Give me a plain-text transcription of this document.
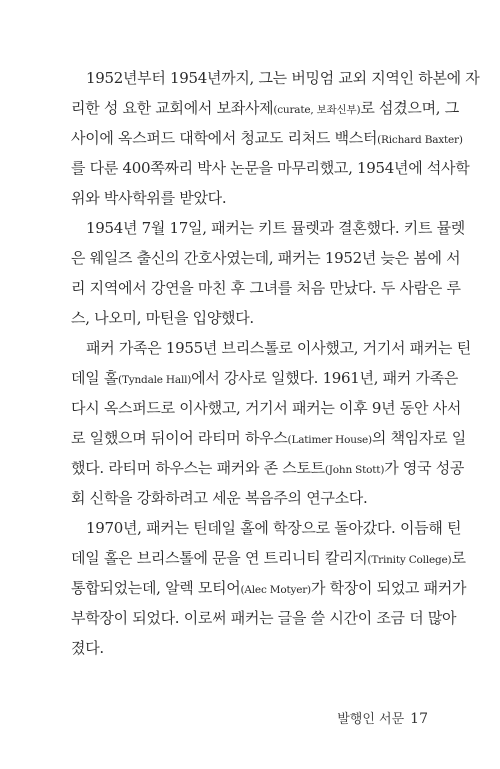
1952년부터 1954년까지, 그는 버밍엄 교외 지역인 하본에 자
리한 성 요한 교회에서 보좌사제(curate, 보좌신부)로 섬겼으며, 그
사이에 옥스퍼드 대학에서 청교도 리처드 백스터(Richard Baxter)
를 다룬 400쪽짜리 박사 논문을 마무리했고, 1954년에 석사학
위와 박사학위를 받았다.
1954년 7월 17일, 패커는 키트 뮬렛과 결혼했다. 키트 뮬렛
은 웨일즈 출신의 간호사였는데, 패커는 1952년 늦은 봄에 서
리 지역에서 강연을 마친 후 그녀를 처음 만났다. 두 사람은 루
스, 나오미, 마틴을 입양했다.
패커 가족은 1955년 브리스톨로 이사했고, 거기서 패커는 틴
데일 홀(Tyndale Hall)에서 강사로 일했다. 1961년, 패커 가족은
다시 옥스퍼드로 이사했고, 거기서 패커는 이후 9년 동안 사서
로 일했으며 뒤이어 라티머 하우스(Latimer House)의 책임자로 일
했다. 라티머 하우스는 패커와 존 스토트(John Stott)가 영국 성공
회 신학을 강화하려고 세운 복음주의 연구소다.
1970년, 패커는 틴데일 홀에 학장으로 돌아갔다. 이듬해 틴
데일 홀은 브리스톨에 문을 연 트리니티 칼리지(Trinity College)로
통합되었는데, 알렉 모티어(Alec Motyer)가 학장이 되었고 패커가
부학장이 되었다. 이로써 패커는 글을 쓸 시간이 조금 더 많아
졌다.
발행인 서문 17
